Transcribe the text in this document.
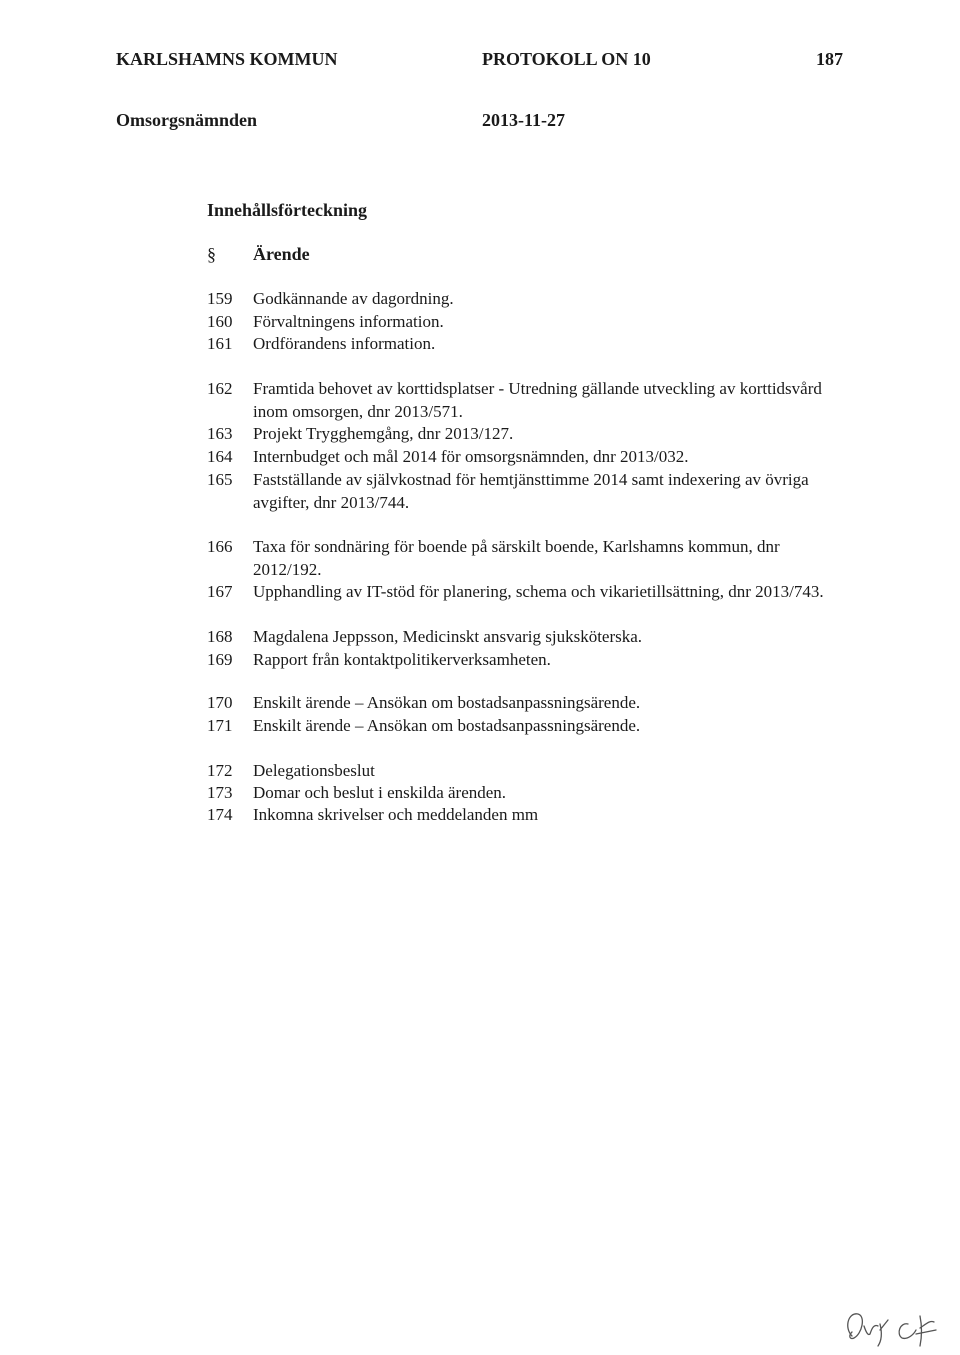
KARLSHAMNS KOMMUN	PROTOKOLL ON 10	187
Omsorgsnämnden	2013-11-27
Innehållsförteckning
§ Ärende
159 Godkännande av dagordning.
160 Förvaltningens information.
161 Ordförandens information.
162 Framtida behovet av korttidsplatser - Utredning gällande utveckling av korttidsvård inom omsorgen, dnr 2013/571.
163 Projekt Trygghemgång, dnr 2013/127.
164 Internbudget och mål 2014 för omsorgsnämnden, dnr 2013/032.
165 Fastställande av självkostnad för hemtjänsttimme 2014 samt indexering av övriga avgifter, dnr 2013/744.
166 Taxa för sondnäring för boende på särskilt boende, Karlshamns kommun, dnr 2012/192.
167 Upphandling av IT-stöd för planering, schema och vikarietillsättning, dnr 2013/743.
168 Magdalena Jeppsson, Medicinskt ansvarig sjuksköterska.
169 Rapport från kontaktpolitikerverksamheten.
170 Enskilt ärende – Ansökan om bostadsanpassningsärende.
171 Enskilt ärende – Ansökan om bostadsanpassningsärende.
172 Delegationsbeslut
173 Domar och beslut i enskilda ärenden.
174 Inkomna skrivelser och meddelanden mm
